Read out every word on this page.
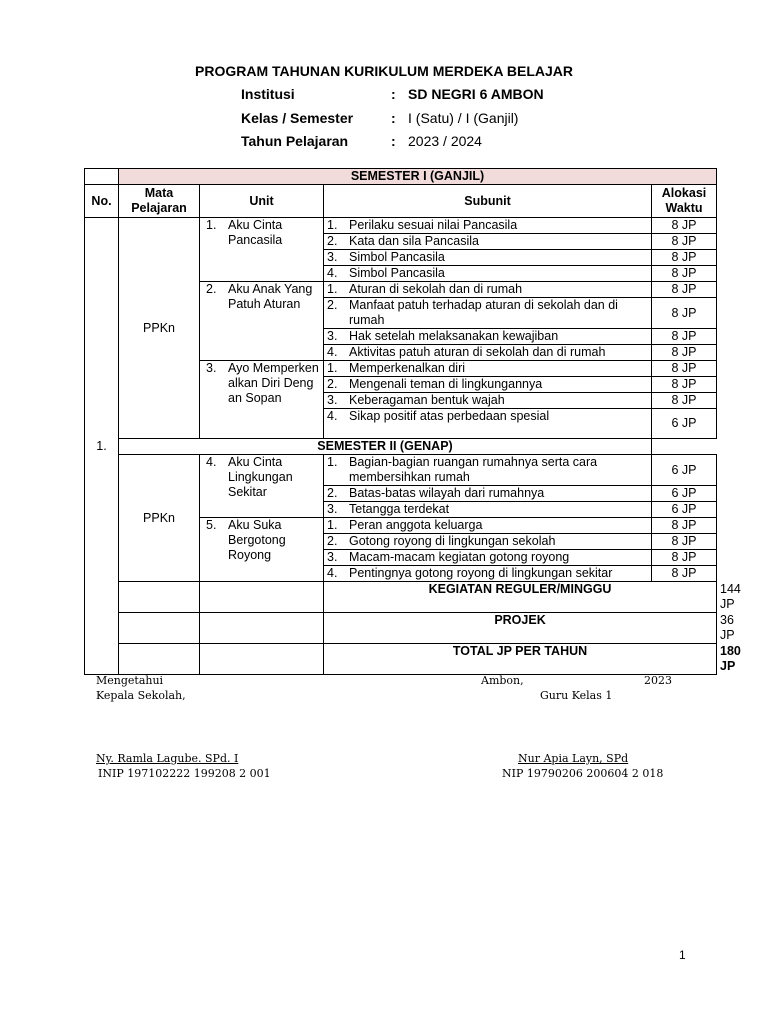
PROGRAM TAHUNAN KURIKULUM MERDEKA BELAJAR
Institusi	: SD NEGRI 6 AMBON
Kelas / Semester	: I (Satu) / I (Ganjil)
Tahun Pelajaran	: 2023 / 2024
	SEMESTER I (GANJIL)				
No.	Mata Pelajaran	Unit	Subunit	Alokasi Waktu	
1.	PPKn	1. Aku Cinta Pancasila	1. Perilaku sesuai nilai Pancasila	8 JP	

			2. Kata dan sila Pancasila	8 JP	

			3. Simbol Pancasila	8 JP	

			4. Simbol Pancasila	8 JP	

		2. Aku Anak Yang Patuh Aturan	1. Aturan di sekolah dan di rumah	8 JP	

			2. Manfaat patuh terhadap aturan di sekolah dan di rumah	8 JP	

			3. Hak setelah melaksanakan kewajiban	8 JP	

			4. Aktivitas patuh aturan di sekolah dan di rumah	8 JP	

		3. Ayo Memperkenalkan Diri Dengan Sopan	1. Memperkenalkan diri	8 JP	

			2. Mengenali teman di lingkungannya	8 JP	

			3. Keberagaman bentuk wajah	8 JP	

			4. Sikap positif atas perbedaan spesial	6 JP	
	SEMESTER II (GENAP)				
	PPKn	4. Aku Cinta Lingkungan Sekitar	1. Bagian-bagian ruangan rumahnya serta cara membersihkan rumah	6 JP	

			2. Batas-batas wilayah dari rumahnya	6 JP	

			3. Tetangga terdekat	6 JP	

		5. Aku Suka Bergotong Royong	1. Peran anggota keluarga	8 JP	

			2. Gotong royong di lingkungan sekolah	8 JP	

			3. Macam-macam kegiatan gotong royong	8 JP	

			4. Pentingnya gotong royong di lingkungan sekitar	8 JP	
			KEGIATAN REGULER/MINGGU		144 JP
			PROJEK		36 JP
			TOTAL JP PER TAHUN		180 JP
Mengetahui
Kepala Sekolah,
Ambon,	2023
Guru Kelas 1
Ny. Ramla Lagube. SPd. I
INIP 197102222 199208 2 001
Nur Apia Layn, SPd
NIP 19790206 200604 2 018
1
